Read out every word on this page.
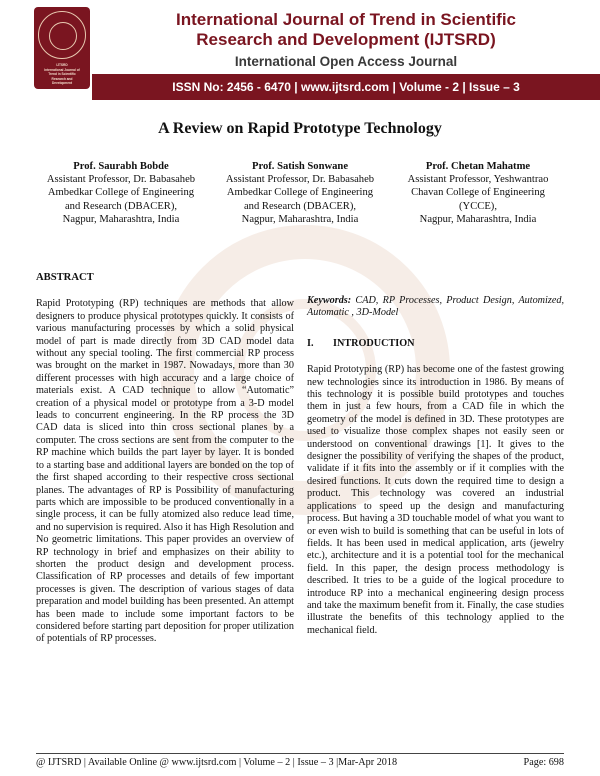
IJTSRD
International Journal of
Trend in Scientific
Research and
Development
International Journal of Trend in Scientific
Research and Development (IJTSRD)
International Open Access Journal
ISSN No: 2456 - 6470 | www.ijtsrd.com | Volume - 2 | Issue – 3
A Review on Rapid Prototype Technology
Prof. Saurabh Bobde
Assistant Professor, Dr. Babasaheb
Ambedkar College of Engineering
and Research (DBACER),
Nagpur, Maharashtra, India
Prof. Satish Sonwane
Assistant Professor, Dr. Babasaheb
Ambedkar College of Engineering
and Research (DBACER),
Nagpur, Maharashtra, India
Prof. Chetan Mahatme
Assistant Professor, Yeshwantrao
Chavan College of Engineering
(YCCE),
Nagpur, Maharashtra, India
ABSTRACT

Rapid Prototyping (RP) techniques are methods that allow designers to produce physical prototypes quickly. It consists of various manufacturing processes by which a solid physical model of part is made directly from 3D CAD model data without any special tooling. The first commercial RP process was brought on the market in 1987. Nowadays, more than 30 different processes with high accuracy and a large choice of materials exist. A CAD technique to allow “Automatic” creation of a physical model or prototype from a 3-D model leads to concurrent engineering. In the RP process the 3D CAD data is sliced into thin cross sectional planes by a computer. The cross sections are sent from the computer to the RP machine which builds the part layer by layer. It is bonded to a starting base and additional layers are bonded on the top of the first shaped according to their respective cross sectional planes. The advantages of RP is Possibility of manufacturing parts which are impossible to be produced conventionally in a single process, it can be fully atomized also reduce lead time, and no supervision is required. Also it has High Resolution and No geometric limitations. This paper provides an overview of RP technology in brief and emphasizes on their ability to shorten the product design and development process. Classification of RP processes and details of few important processes is given. The description of various stages of data preparation and model building has been presented. An attempt has been made to include some important factors to be considered before starting part deposition for proper utilization of potentials of RP processes.

Keywords: CAD, RP Processes, Product Design, Automized, Automatic , 3D-Model
I. INTRODUCTION

Rapid Prototyping (RP) has become one of the fastest growing new technologies since its introduction in 1986. By means of this technology it is possible build prototypes and touches them in just a few hours, from a CAD file in which the geometry of the model is defined in 3D. These prototypes are used to visualize those complex shapes not easily seen or understood on conventional drawings [1]. It gives to the designer the possibility of verifying the shapes of the product, validate if it fits into the assembly or if it complies with the desired functions. It cuts down the required time to design a product. This technology was covered an industrial applications to speed up the design and manufacturing process. But having a 3D touchable model of what you want to or even wish to build is something that can be useful in lots of fields. It has been used in medical application, arts (jewelry etc.), architecture and it is a potential tool for the mechanical field. In this paper, the design process methodology is described. It tries to be a guide of the logical procedure to introduce RP into a mechanical engineering design process and take the maximum benefit from it. Finally, the case studies illustrate the benefits of this technology applied to the mechanical field.

@ IJTSRD | Available Online @ www.ijtsrd.com | Volume – 2 | Issue – 3 |Mar-Apr 2018	Page: 698
